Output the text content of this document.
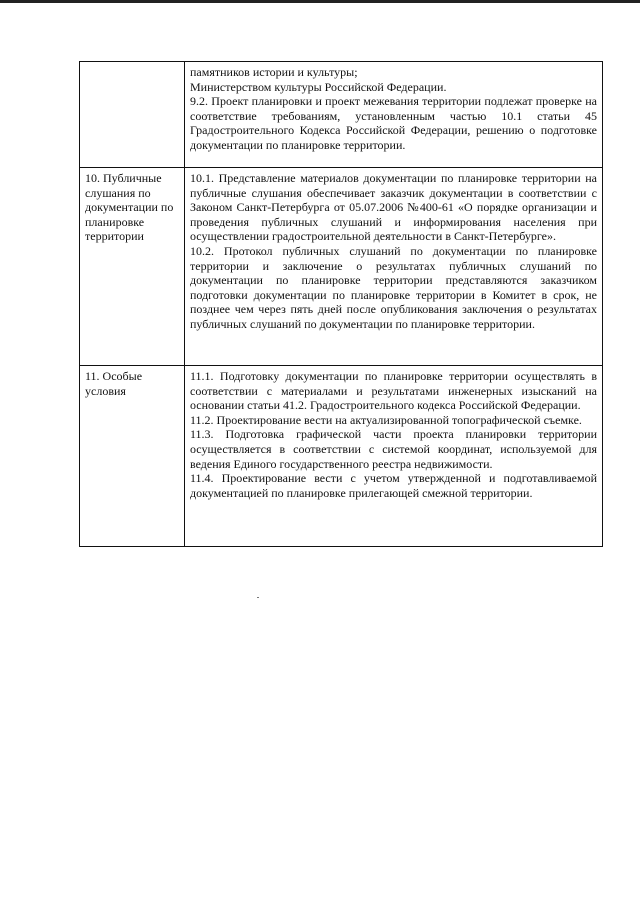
	памятников истории и культуры;

Министерством культуры Российской Федерации.

9.2. Проект планировки и проект межевания территории подлежат проверке на соответствие требованиям, установленным частью 10.1 статьи 45 Градостроительного Кодекса Российской Федерации, решению о подготовке документации по планировке территории.

10. Публичные слушания по документации по планировке территории	10.1. Представление материалов документации по планировке территории на публичные слушания обеспечивает заказчик документации в соответствии с Законом Санкт-Петербурга от 05.07.2006 №400-61 «О порядке организации и проведения публичных слушаний и информирования населения при осуществлении градостроительной деятельности в Санкт-Петербурге».

10.2. Протокол публичных слушаний по документации по планировке территории и заключение о результатах публичных слушаний по документации по планировке территории представляются заказчиком подготовки документации по планировке территории в Комитет в срок, не позднее чем через пять дней после опубликования заключения о результатах публичных слушаний по документации по планировке территории.

11. Особые условия	11.1. Подготовку документации по планировке территории осуществлять в соответствии с материалами и результатами инженерных изысканий на основании статьи 41.2. Градостроительного кодекса Российской Федерации.

11.2. Проектирование вести на актуализированной топографической съемке.

11.3. Подготовка графической части проекта планировки территории осуществляется в соответствии с системой координат, используемой для ведения Единого государственного реестра недвижимости.

11.4. Проектирование вести с учетом утвержденной и подготавливаемой документацией по планировке прилегающей смежной территории.
